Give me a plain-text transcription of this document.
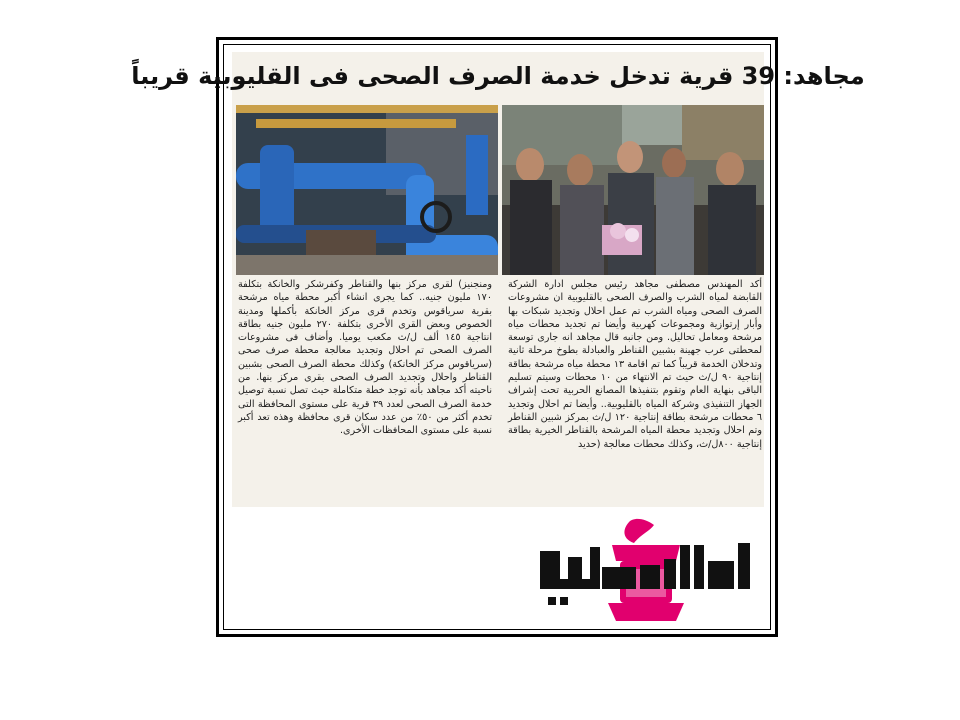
مجاهد: 39 قرية تدخل خدمة الصرف الصحى فى القليوبية قريباً

أكد المهندس مصطفى مجاهد رئيس مجلس ادارة الشركة القابضة لمياه الشرب والصرف الصحى بالقليوبية ان مشروعات الصرف الصحى ومياه الشرب تم عمل احلال وتجديد شبكات بها وأبار إرتوازية ومجموعات كهربية وأيضا تم تجديد محطات مياه مرشحة ومعامل تحاليل. ومن جانبه قال مجاهد انه جارى توسعة لمحطتى عرب جهينة بشبين القناطر والعبادلة بطوخ مرحلة ثانية وتدخلان الخدمة قريباً كما تم اقامة ١٣ محطة مياه مرشحة بطاقة إنتاجية ٩٠ ل/ث حيث تم الانتهاء من ١٠ محطات وسيتم تسليم الباقى بنهاية العام وتقوم بتنفيذها المصانع الحربية تحت إشراف الجهاز التنفيذى وشركة المياه بالقليوبية.. وأيضا تم احلال وتجديد ٦ محطات مرشحة بطاقة إنتاجية ١٢٠ ل/ث بمركز شبين القناطر وتم احلال وتجديد محطة المياه المرشحة بالقناطر الخيرية بطاقة إنتاجية ٨٠٠ل/ث، وكذلك محطات معالجة (حديد

ومنجنيز) لقرى مركز بنها والقناطر وكفرشكر والخانكة بتكلفة ١٧٠ مليون جنيه.. كما يجرى انشاء أكبر محطة مياه مرشحة بقرية سرياقوس وتخدم قرى مركز الخانكة بأكملها ومدينة الخصوص وبعض القرى الأخرى بتكلفة ٢٧٠ مليون جنيه بطاقة انتاجية ١٤٥ ألف ل/ث مكعب يوميا. وأضاف فى مشروعات الصرف الصحى تم احلال وتجديد معالجة محطة صرف صحى (سرياقوس مركز الخانكة) وكذلك محطة الصرف الصحى بشبين القناطر واحلال وتجديد الصرف الصحى بقرى مركز بنها. من ناحيته أكد مجاهد بأنه توجد خطة متكاملة حيث تصل نسبة توصيل خدمة الصرف الصحى لعدد ٣٩ قرية على مستوى المحافظة التى تخدم أكثر من ٥٠٪ من عدد سكان قرى محافظة وهذه تعد أكبر نسبة على مستوى المحافظات الأخرى.
